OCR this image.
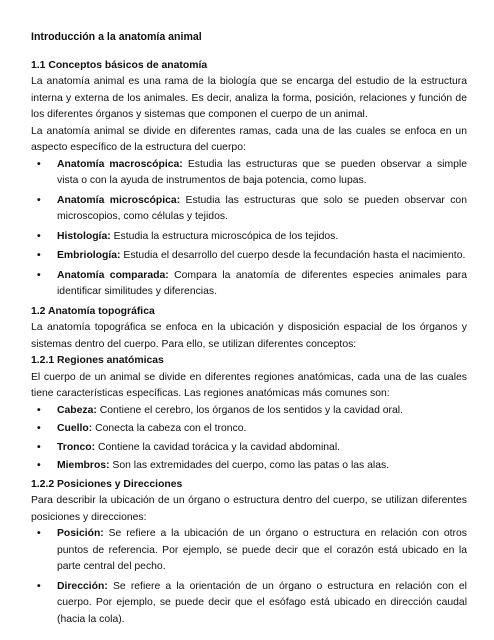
Introducción a la anatomía animal
1.1 Conceptos básicos de anatomía

La anatomía animal es una rama de la biología que se encarga del estudio de la estructura interna y externa de los animales. Es decir, analiza la forma, posición, relaciones y función de los diferentes órganos y sistemas que componen el cuerpo de un animal.

La anatomía animal se divide en diferentes ramas, cada una de las cuales se enfoca en un aspecto específico de la estructura del cuerpo:

• Anatomía macroscópica: Estudia las estructuras que se pueden observar a simple vista o con la ayuda de instrumentos de baja potencia, como lupas.
• Anatomía microscópica: Estudia las estructuras que solo se pueden observar con microscopios, como células y tejidos.
• Histología: Estudia la estructura microscópica de los tejidos.
• Embriología: Estudia el desarrollo del cuerpo desde la fecundación hasta el nacimiento.
• Anatomía comparada: Compara la anatomía de diferentes especies animales para identificar similitudes y diferencias.
1.2 Anatomía topográfica

La anatomía topográfica se enfoca en la ubicación y disposición espacial de los órganos y sistemas dentro del cuerpo. Para ello, se utilizan diferentes conceptos:

1.2.1 Regiones anatómicas

El cuerpo de un animal se divide en diferentes regiones anatómicas, cada una de las cuales tiene características específicas. Las regiones anatómicas más comunes son:

• Cabeza: Contiene el cerebro, los órganos de los sentidos y la cavidad oral.
• Cuello: Conecta la cabeza con el tronco.
• Tronco: Contiene la cavidad torácica y la cavidad abdominal.
• Miembros: Son las extremidades del cuerpo, como las patas o las alas.
1.2.2 Posiciones y Direcciones

Para describir la ubicación de un órgano o estructura dentro del cuerpo, se utilizan diferentes posiciones y direcciones:

• Posición: Se refiere a la ubicación de un órgano o estructura en relación con otros puntos de referencia. Por ejemplo, se puede decir que el corazón está ubicado en la parte central del pecho.
• Dirección: Se refiere a la orientación de un órgano o estructura en relación con el cuerpo. Por ejemplo, se puede decir que el esófago está ubicado en dirección caudal (hacia la cola).
